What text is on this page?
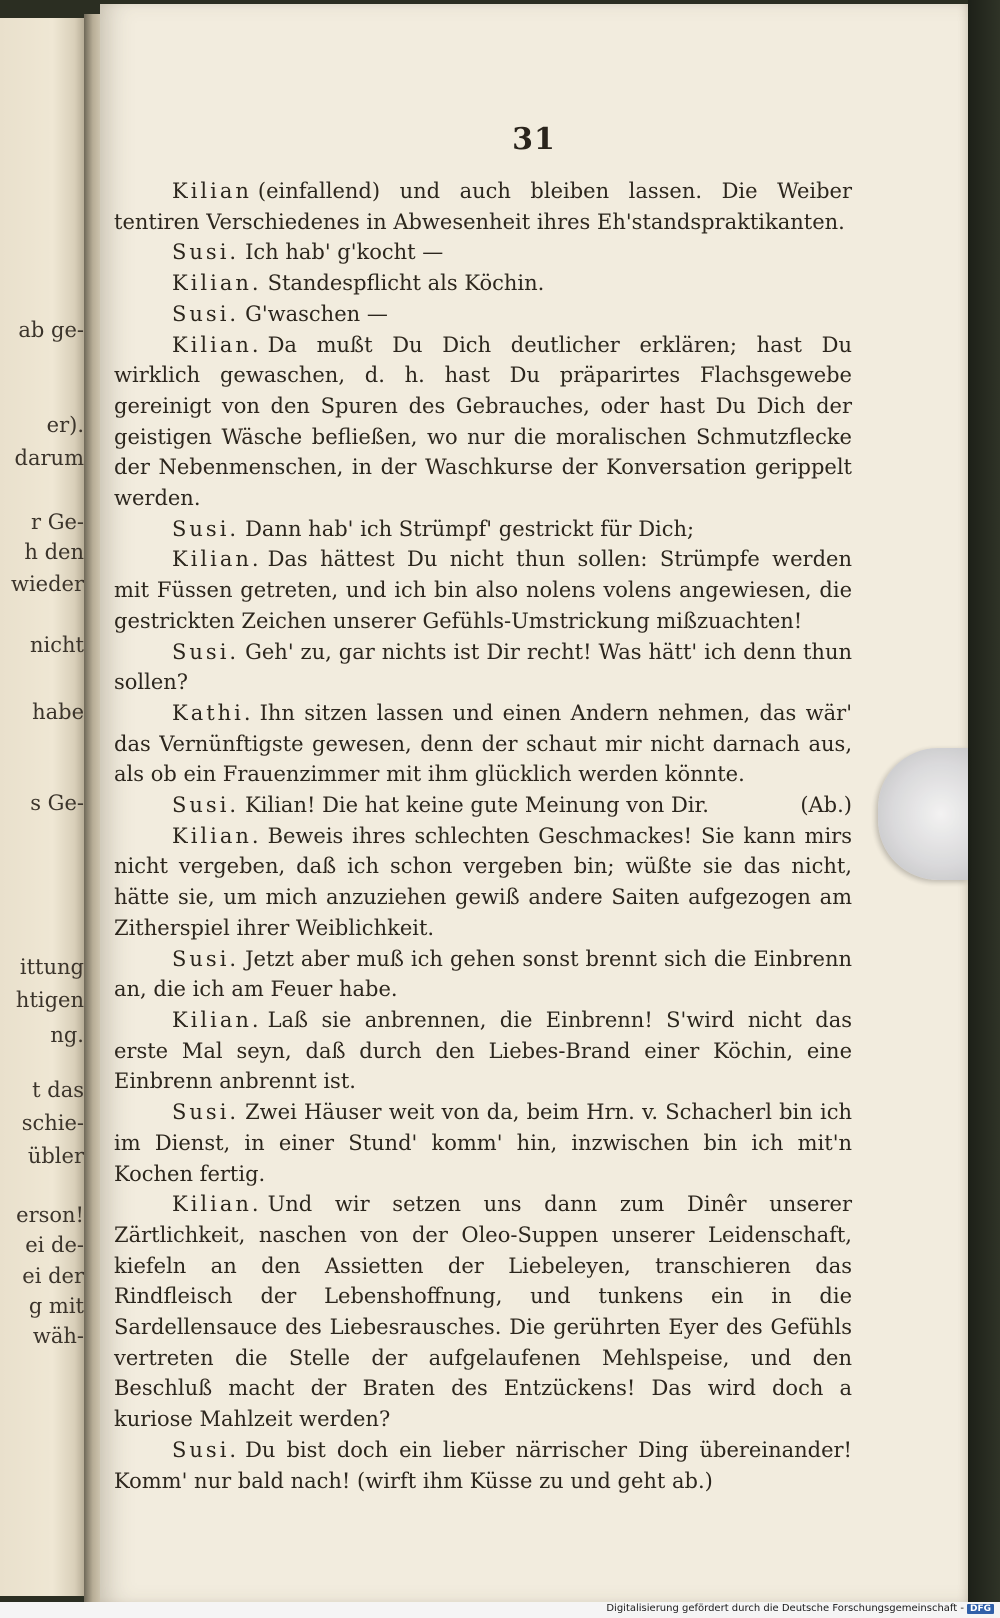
ab ge-
er).
darum
r Ge-
h den
wieder
nicht
habe
s Ge-
ittung
htigen
ng.
t das
schie-
übler
erson!
ei de-
ei der
g mit
wäh-
31

Kilian (einfallend) und auch bleiben lassen. Die Weiber tentiren Verschiedenes in Abwesenheit ihres Eh'standspraktikanten.

Susi. Ich hab' g'kocht —

Kilian. Standespflicht als Köchin.

Susi. G'waschen —

Kilian. Da mußt Du Dich deutlicher erklären; hast Du wirklich gewaschen, d. h. hast Du präparirtes Flachsgewebe gereinigt von den Spuren des Gebrauches, oder hast Du Dich der geistigen Wäsche befließen, wo nur die moralischen Schmutzflecke der Nebenmenschen, in der Waschkurse der Konversation gerippelt werden.

Susi. Dann hab' ich Strümpf' gestrickt für Dich;

Kilian. Das hättest Du nicht thun sollen: Strümpfe werden mit Füssen getreten, und ich bin also nolens volens angewiesen, die gestrickten Zeichen unserer Gefühls-Umstrickung mißzuachten!

Susi. Geh' zu, gar nichts ist Dir recht! Was hätt' ich denn thun sollen?

Kathi. Ihn sitzen lassen und einen Andern nehmen, das wär' das Vernünftigste gewesen, denn der schaut mir nicht darnach aus, als ob ein Frauenzimmer mit ihm glücklich werden könnte.
(Ab.)

Susi. Kilian! Die hat keine gute Meinung von Dir.

Kilian. Beweis ihres schlechten Geschmackes! Sie kann mirs nicht vergeben, daß ich schon vergeben bin; wüßte sie das nicht, hätte sie, um mich anzuziehen gewiß andere Saiten aufgezogen am Zitherspiel ihrer Weiblichkeit.

Susi. Jetzt aber muß ich gehen sonst brennt sich die Einbrenn an, die ich am Feuer habe.

Kilian. Laß sie anbrennen, die Einbrenn! S'wird nicht das erste Mal seyn, daß durch den Liebes-Brand einer Köchin, eine Einbrenn anbrennt ist.

Susi. Zwei Häuser weit von da, beim Hrn. v. Schacherl bin ich im Dienst, in einer Stund' komm' hin, inzwischen bin ich mit'n Kochen fertig.

Kilian. Und wir setzen uns dann zum Dinêr unserer Zärtlichkeit, naschen von der Oleo-Suppen unserer Leidenschaft, kiefeln an den Assietten der Liebeleyen, transchieren das Rindfleisch der Lebenshoffnung, und tunkens ein in die Sardellensauce des Liebesrausches. Die gerührten Eyer des Gefühls vertreten die Stelle der aufgelaufenen Mehlspeise, und den Beschluß macht der Braten des Entzückens! Das wird doch a kuriose Mahlzeit werden?

Susi. Du bist doch ein lieber närrischer Ding übereinander! Komm' nur bald nach! (wirft ihm Küsse zu und geht ab.)

Digitalisierung gefördert durch die Deutsche Forschungsgemeinschaft - DFG
